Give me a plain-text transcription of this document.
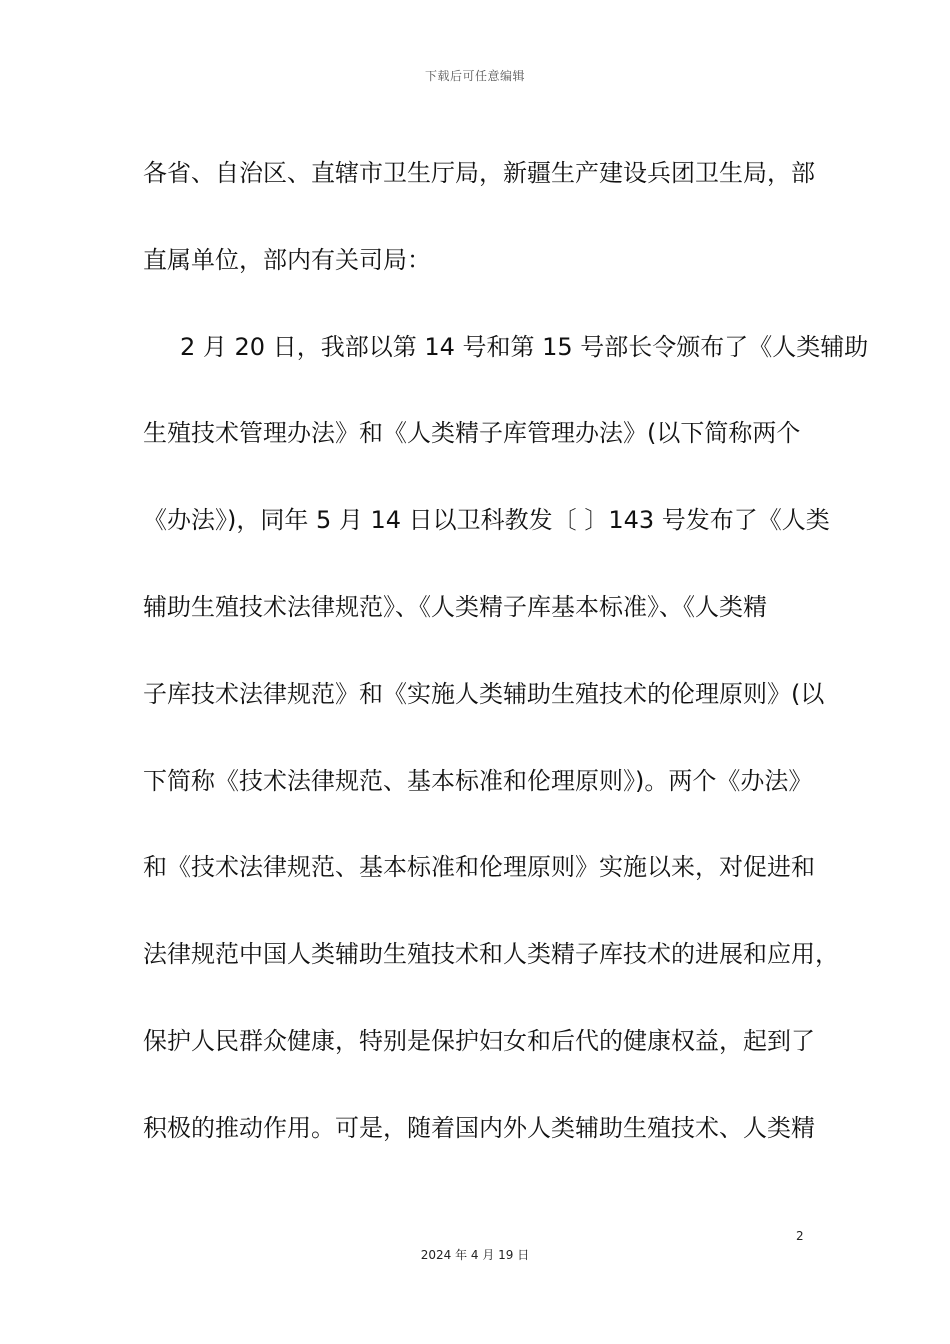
下载后可任意编辑
各省、自治区、直辖市卫生厅局，新疆生产建设兵团卫生局，部
直属单位，部内有关司局：
2 月 20 日，我部以第 14 号和第 15 号部长令颁布了《人类辅助
生殖技术管理办法》和《人类精子库管理办法》(以下简称两个
《办法》)，同年 5 月 14 日以卫科教发〔 〕143 号发布了《人类
辅助生殖技术法律规范》、《人类精子库基本标准》、《人类精
子库技术法律规范》和《实施人类辅助生殖技术的伦理原则》(以
下简称《技术法律规范、基本标准和伦理原则》)。两个《办法》
和《技术法律规范、基本标准和伦理原则》实施以来，对促进和
法律规范中国人类辅助生殖技术和人类精子库技术的进展和应用，
保护人民群众健康，特别是保护妇女和后代的健康权益，起到了
积极的推动作用。可是，随着国内外人类辅助生殖技术、人类精
2
2024 年 4 月 19 日
